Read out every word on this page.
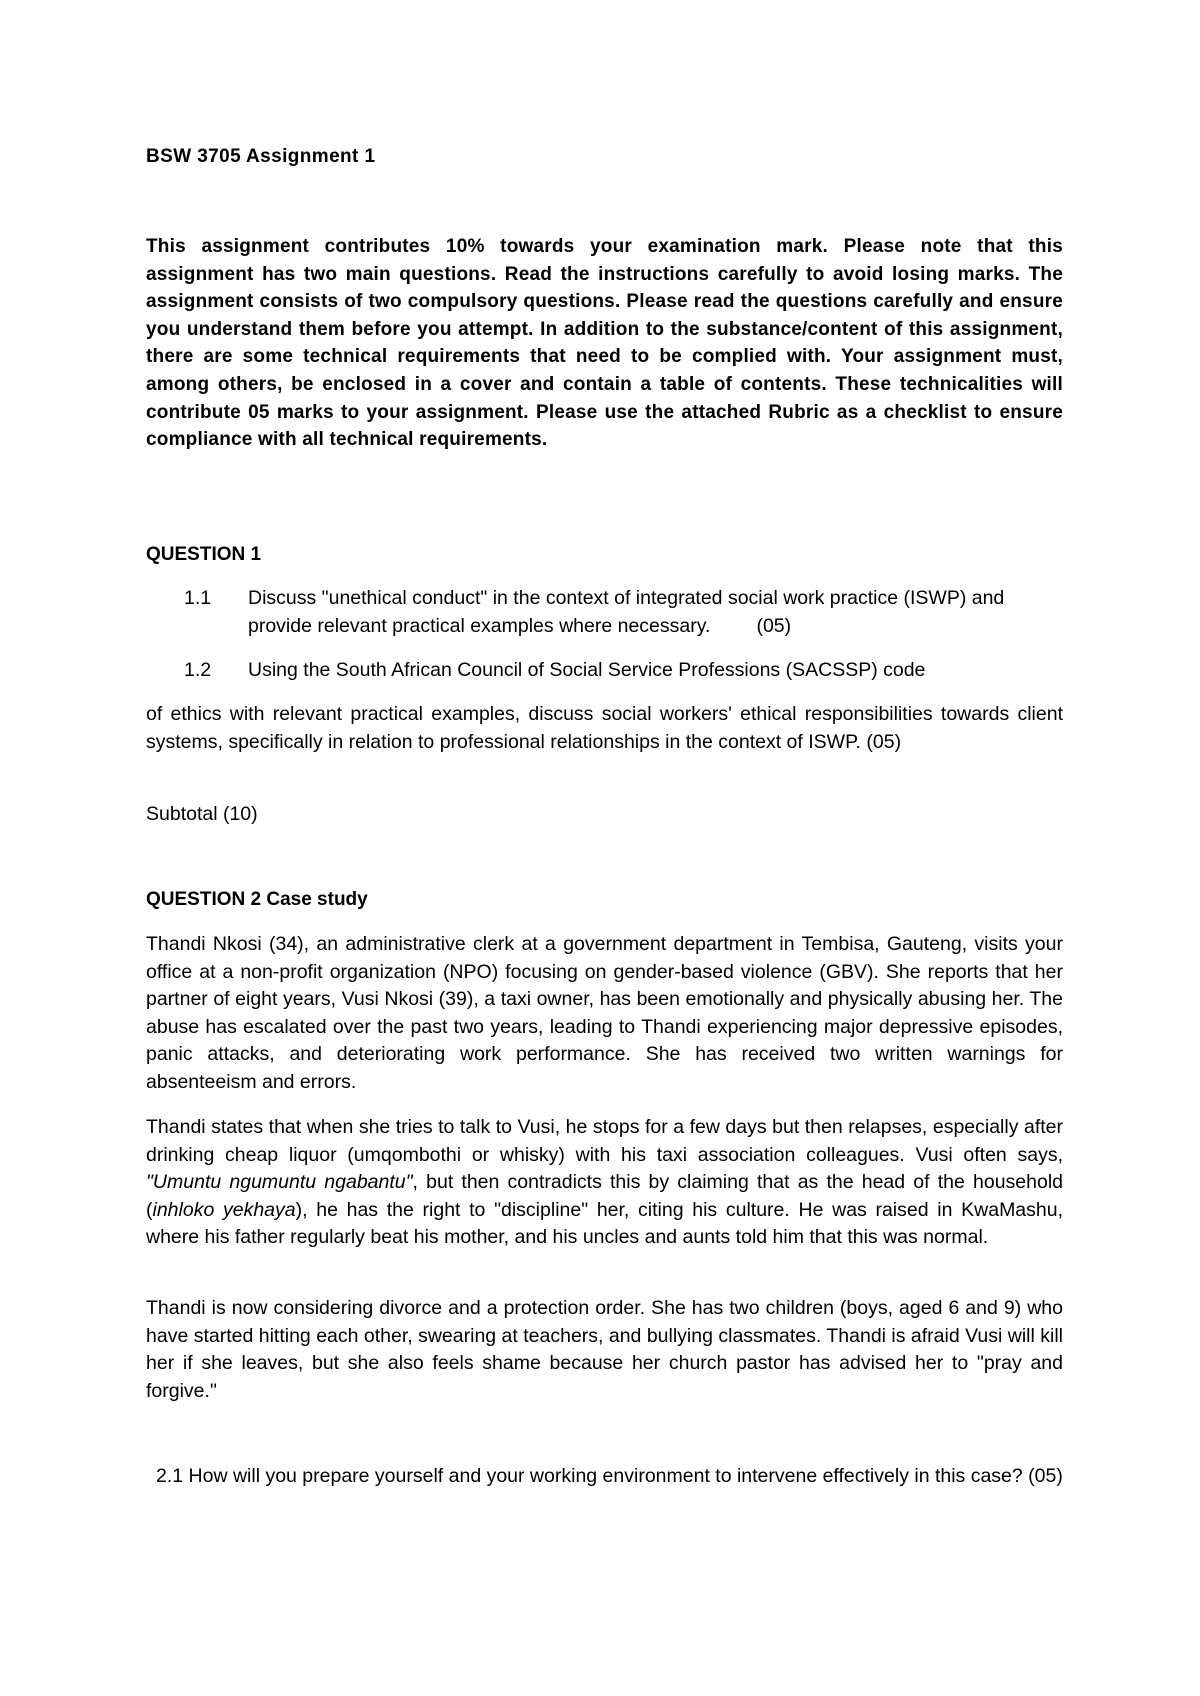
BSW 3705 Assignment 1

This assignment contributes 10% towards your examination mark. Please note that this assignment has two main questions. Read the instructions carefully to avoid losing marks. The assignment consists of two compulsory questions. Please read the questions carefully and ensure you understand them before you attempt. In addition to the substance/content of this assignment, there are some technical requirements that need to be complied with. Your assignment must, among others, be enclosed in a cover and contain a table of contents. These technicalities will contribute 05 marks to your assignment. Please use the attached Rubric as a checklist to ensure compliance with all technical requirements.

QUESTION 1

1.1	Discuss "unethical conduct" in the context of integrated social work practice (ISWP) and provide relevant practical examples where necessary. (05)
1.2	Using the South African Council of Social Service Professions (SACSSP) code

of ethics with relevant practical examples, discuss social workers' ethical responsibilities towards client systems, specifically in relation to professional relationships in the context of ISWP. (05)

Subtotal (10)

QUESTION 2 Case study

Thandi Nkosi (34), an administrative clerk at a government department in Tembisa, Gauteng, visits your office at a non-profit organization (NPO) focusing on gender-based violence (GBV). She reports that her partner of eight years, Vusi Nkosi (39), a taxi owner, has been emotionally and physically abusing her. The abuse has escalated over the past two years, leading to Thandi experiencing major depressive episodes, panic attacks, and deteriorating work performance. She has received two written warnings for absenteeism and errors.

Thandi states that when she tries to talk to Vusi, he stops for a few days but then relapses, especially after drinking cheap liquor (umqombothi or whisky) with his taxi association colleagues. Vusi often says, "Umuntu ngumuntu ngabantu", but then contradicts this by claiming that as the head of the household (inhloko yekhaya), he has the right to "discipline" her, citing his culture. He was raised in KwaMashu, where his father regularly beat his mother, and his uncles and aunts told him that this was normal.

Thandi is now considering divorce and a protection order. She has two children (boys, aged 6 and 9) who have started hitting each other, swearing at teachers, and bullying classmates. Thandi is afraid Vusi will kill her if she leaves, but she also feels shame because her church pastor has advised her to "pray and forgive."

2.1 How will you prepare yourself and your working environment to intervene effectively in this case? (05)
